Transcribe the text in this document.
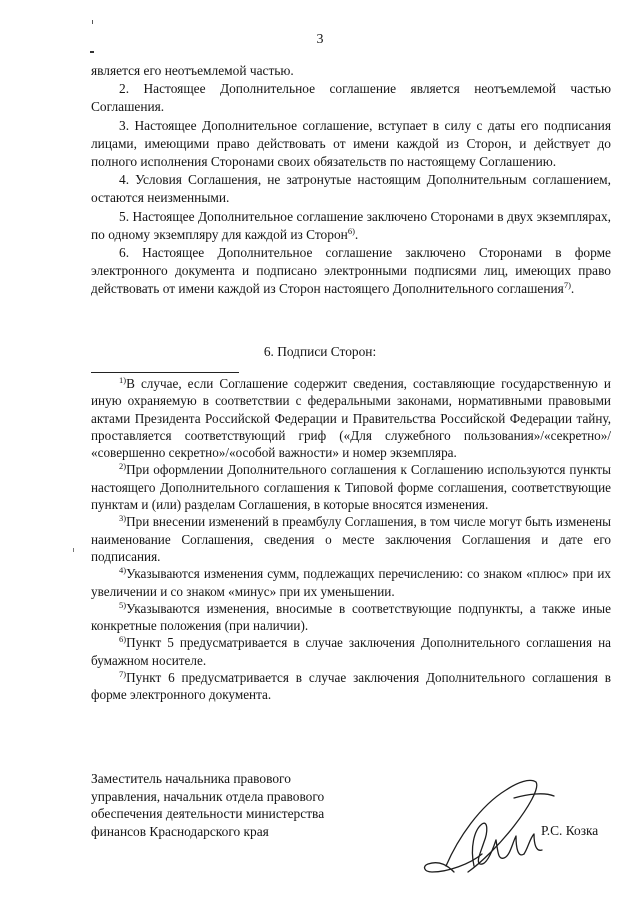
3

является его неотъемлемой частью.

2. Настоящее Дополнительное соглашение является неотъемлемой частью Соглашения.

3. Настоящее Дополнительное соглашение, вступает в силу с даты его подписания лицами, имеющими право действовать от имени каждой из Сторон, и действует до полного исполнения Сторонами своих обязательств по настоящему Соглашению.

4. Условия Соглашения, не затронутые настоящим Дополнительным соглашением, остаются неизменными.

5. Настоящее Дополнительное соглашение заключено Сторонами в двух экземплярах, по одному экземпляру для каждой из Сторон$^{6)}$.

6. Настоящее Дополнительное соглашение заключено Сторонами в форме электронного документа и подписано электронными подписями лиц, имеющих право действовать от имени каждой из Сторон настоящего Дополнительного соглашения$^{7)}$.

6. Подписи Сторон:

$^{1)}$В случае, если Соглашение содержит сведения, составляющие государственную и иную охраняемую в соответствии с федеральными законами, нормативными правовыми актами Президента Российской Федерации и Правительства Российской Федерации тайну, проставляется соответствующий гриф («Для служебного пользования»/«секретно»/ «совершенно секретно»/«особой важности» и номер экземпляра.

$^{2)}$При оформлении Дополнительного соглашения к Соглашению используются пункты настоящего Дополнительного соглашения к Типовой форме соглашения, соответствующие пунктам и (или) разделам Соглашения, в которые вносятся изменения.

$^{3)}$При внесении изменений в преамбулу Соглашения, в том числе могут быть изменены наименование Соглашения, сведения о месте заключения Соглашения и дате его подписания.

$^{4)}$Указываются изменения сумм, подлежащих перечислению: со знаком «плюс» при их увеличении и со знаком «минус» при их уменьшении.

$^{5)}$Указываются изменения, вносимые в соответствующие подпункты, а также иные конкретные положения (при наличии).

$^{6)}$Пункт 5 предусматривается в случае заключения Дополнительного соглашения на бумажном носителе.

$^{7)}$Пункт 6 предусматривается в случае заключения Дополнительного соглашения в форме электронного документа.

Заместитель начальника правового
управления, начальник отдела правового
обеспечения деятельности министерства
финансов Краснодарского края	Р.С. Козка
